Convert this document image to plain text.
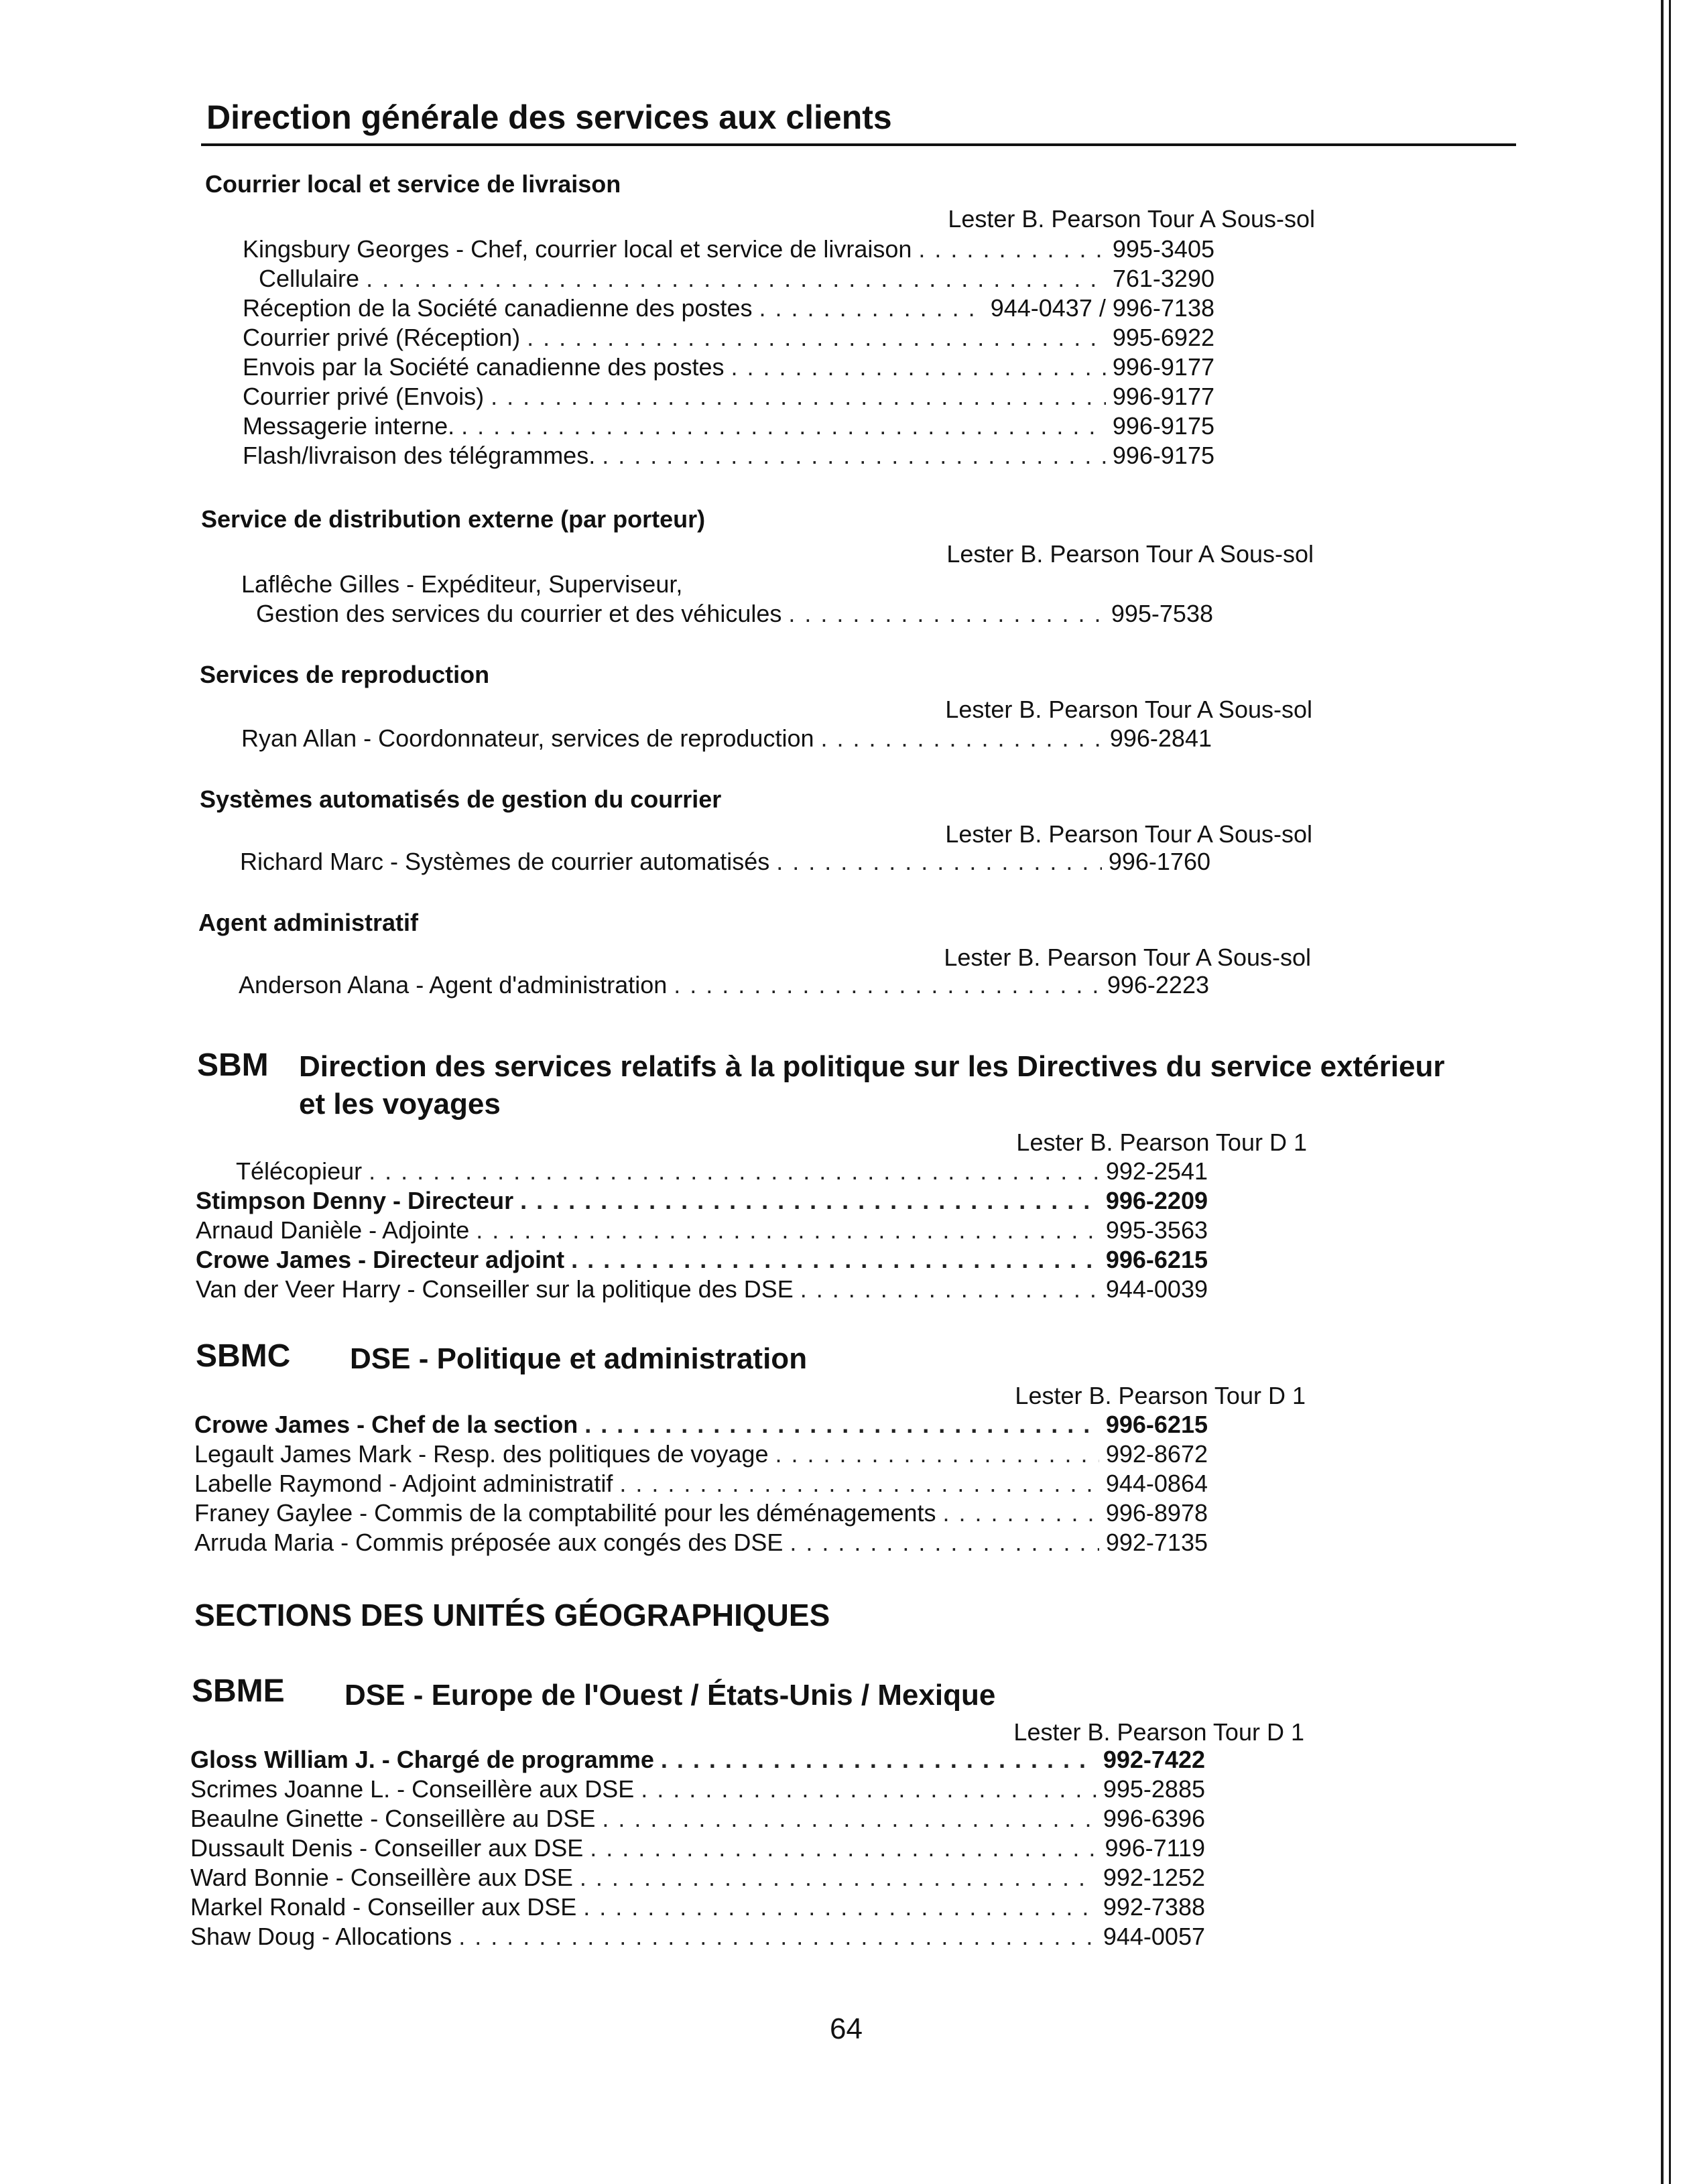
Direction générale des services aux clients
Courrier local et service de livraison
Lester B. Pearson Tour A Sous-sol
Kingsbury Georges - Chef, courrier local et service de livraison . . .	995-3405
Cellulaire . . .	761-3290
Réception de la Société canadienne des postes . . .	944-0437 / 996-7138
Courrier privé (Réception) . . .	995-6922
Envois par la Société canadienne des postes . . .	996-9177
Courrier privé (Envois) . . .	996-9177
Messagerie interne. . . .	996-9175
Flash/livraison des télégrammes. . . .	996-9175
Service de distribution externe (par porteur)
Lester B. Pearson Tour A Sous-sol
Laflêche Gilles - Expéditeur, Superviseur,
Gestion des services du courrier et des véhicules . . .	995-7538
Services de reproduction
Lester B. Pearson Tour A Sous-sol
Ryan Allan - Coordonnateur, services de reproduction . . .	996-2841
Systèmes automatisés de gestion du courrier
Lester B. Pearson Tour A Sous-sol
Richard Marc - Systèmes de courrier automatisés . . .	996-1760
Agent administratif
Lester B. Pearson Tour A Sous-sol
Anderson Alana - Agent d'administration . . .	996-2223
SBM Direction des services relatifs à la politique sur les Directives du service extérieur
et les voyages
Lester B. Pearson Tour D 1
Télécopieur . . .	992-2541
Stimpson Denny - Directeur . . .	996-2209
Arnaud Danièle - Adjointe . . .	995-3563
Crowe James - Directeur adjoint . . .	996-6215
Van der Veer Harry - Conseiller sur la politique des DSE . . .	944-0039
SBMC DSE - Politique et administration
Lester B. Pearson Tour D 1
Crowe James - Chef de la section . . .	996-6215
Legault James Mark - Resp. des politiques de voyage . . .	992-8672
Labelle Raymond - Adjoint administratif . . .	944-0864
Franey Gaylee - Commis de la comptabilité pour les déménagements . . .	996-8978
Arruda Maria - Commis préposée aux congés des DSE . . .	992-7135
SECTIONS DES UNITÉS GÉOGRAPHIQUES
SBME DSE - Europe de l'Ouest / États-Unis / Mexique
Lester B. Pearson Tour D 1
Gloss William J. - Chargé de programme . . .	992-7422
Scrimes Joanne L. - Conseillère aux DSE . . .	995-2885
Beaulne Ginette - Conseillère au DSE . . .	996-6396
Dussault Denis - Conseiller aux DSE . . .	996-7119
Ward Bonnie - Conseillère aux DSE . . .	992-1252
Markel Ronald - Conseiller aux DSE . . .	992-7388
Shaw Doug - Allocations . . .	944-0057
64
